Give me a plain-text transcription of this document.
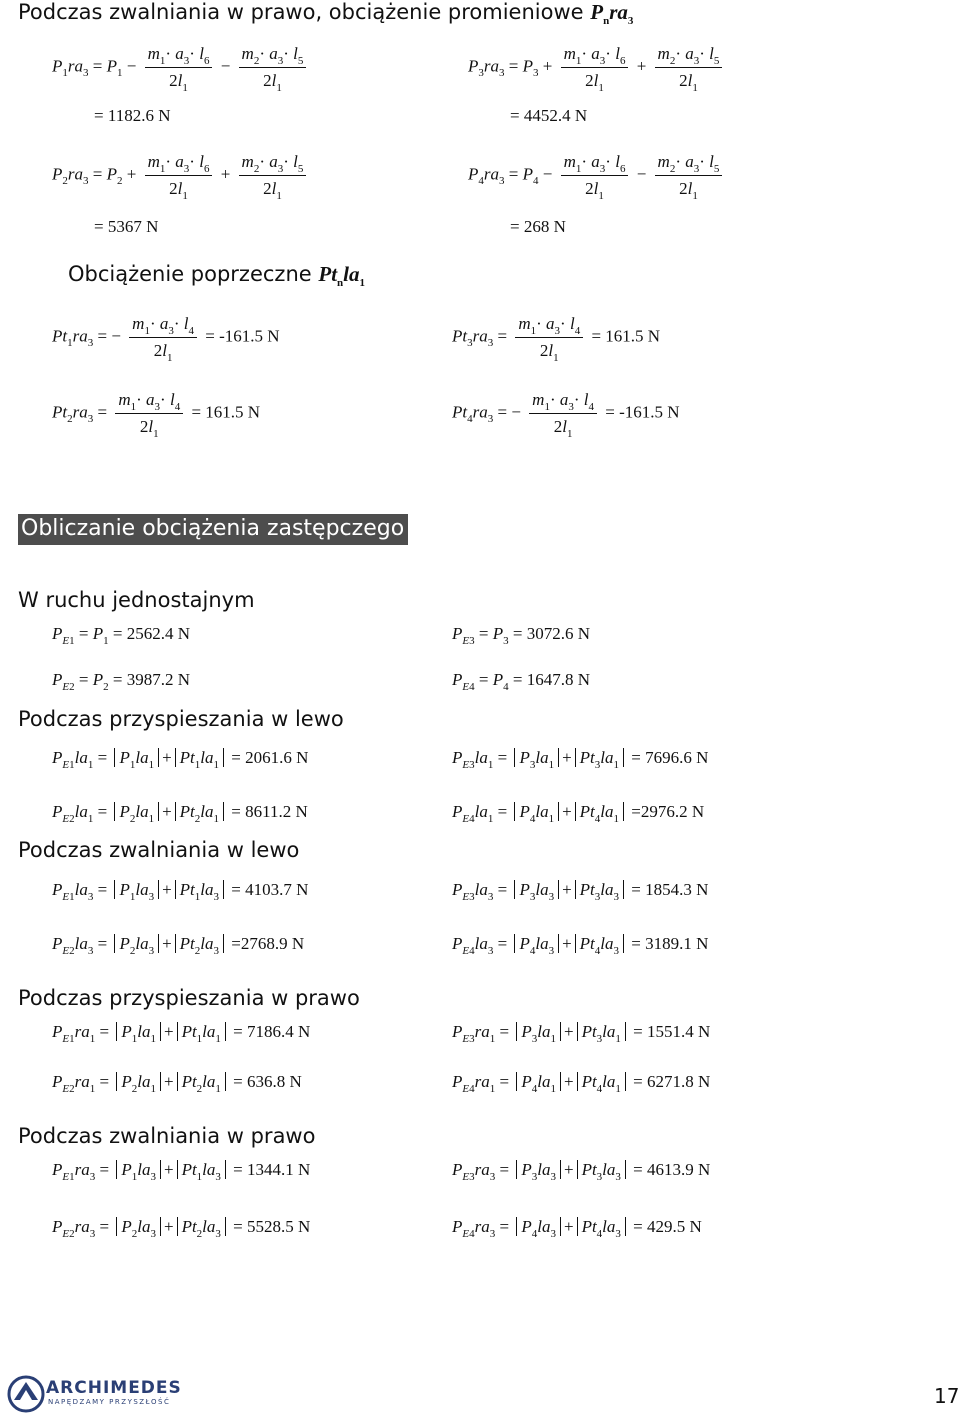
Podczas zwalniania w prawo, obciążenie promieniowe $P_nra_3$
$P_1ra_3 = P_1 - \frac{m_1\cdot a_3\cdot l_6}{2l_1} - \frac{m_2\cdot a_3\cdot l_5}{2l_1}$
= 1182.6 N
$P_3ra_3 = P_3 + \frac{m_1\cdot a_3\cdot l_6}{2l_1} + \frac{m_2\cdot a_3\cdot l_5}{2l_1}$
= 4452.4 N
$P_2ra_3 = P_2 + \frac{m_1\cdot a_3\cdot l_6}{2l_1} + \frac{m_2\cdot a_3\cdot l_5}{2l_1}$
= 5367 N
$P_4ra_3 = P_4 - \frac{m_1\cdot a_3\cdot l_6}{2l_1} - \frac{m_2\cdot a_3\cdot l_5}{2l_1}$
= 268 N
Obciążenie poprzeczne $Pt_nla_1$
$Pt_1ra_3$ = − $\frac{m_1\cdot a_3\cdot l_4}{2l_1} = -161.5$ N	$Pt_3ra_3 = \frac{m_1\cdot a_3\cdot l_4}{2l_1} = 161.5$ N
$Pt_2ra_3 = \frac{m_1\cdot a_3\cdot l_4}{2l_1} = 161.5$ N	$Pt_4ra_3$ = − $\frac{m_1\cdot a_3\cdot l_4}{2l_1} = -161.5$ N
Obliczanie obciążenia zastępczego
W ruchu jednostajnym
$P_{E1} = P_1 = 2562.4$ N	$P_{E3} = P_3 = 3072.6$ N
$P_{E2} = P_2 = 3987.2$ N	$P_{E4} = P_4 = 1647.8$ N
Podczas przyspieszania w lewo
$P_{E1}la_1 = P_1la_1 + Pt_1la_1 = 2061.6$ N	$P_{E3}la_1 = P_3la_1 + Pt_3la_1 = 7696.6$ N
$P_{E2}la_1 = P_2la_1 + Pt_2la_1 = 8611.2$ N	$P_{E4}la_1 = P_4la_1 + Pt_4la_1 =2976.2$ N
Podczas zwalniania w lewo
$P_{E1}la_3 = P_1la_3 + Pt_1la_3 = 4103.7$ N	$P_{E3}la_3 = P_3la_3 + Pt_3la_3 = 1854.3$ N
$P_{E2}la_3 = P_2la_3 + Pt_2la_3 =2768.9$ N	$P_{E4}la_3 = P_4la_3 + Pt_4la_3 = 3189.1$ N
Podczas przyspieszania w prawo
$P_{E1}ra_1 = P_1la_1 + Pt_1la_1 = 7186.4$ N	$P_{E3}ra_1 = P_3la_1 + Pt_3la_1 = 1551.4$ N
$P_{E2}ra_1 = P_2la_1 + Pt_2la_1 = 636.8$ N	$P_{E4}ra_1 = P_4la_1 + Pt_4la_1 = 6271.8$ N
Podczas zwalniania w prawo
$P_{E1}ra_3 = P_1la_3 + Pt_1la_3 = 1344.1$ N	$P_{E3}ra_3 = P_3la_3 + Pt_3la_3 = 4613.9$ N
$P_{E2}ra_3 = P_2la_3 + Pt_2la_3 = 5528.5$ N	$P_{E4}ra_3 = P_4la_3 + Pt_4la_3 = 429.5$ N
ARCHIMEDES
NAPĘDZAMY PRZYSZŁOŚĆ	17
